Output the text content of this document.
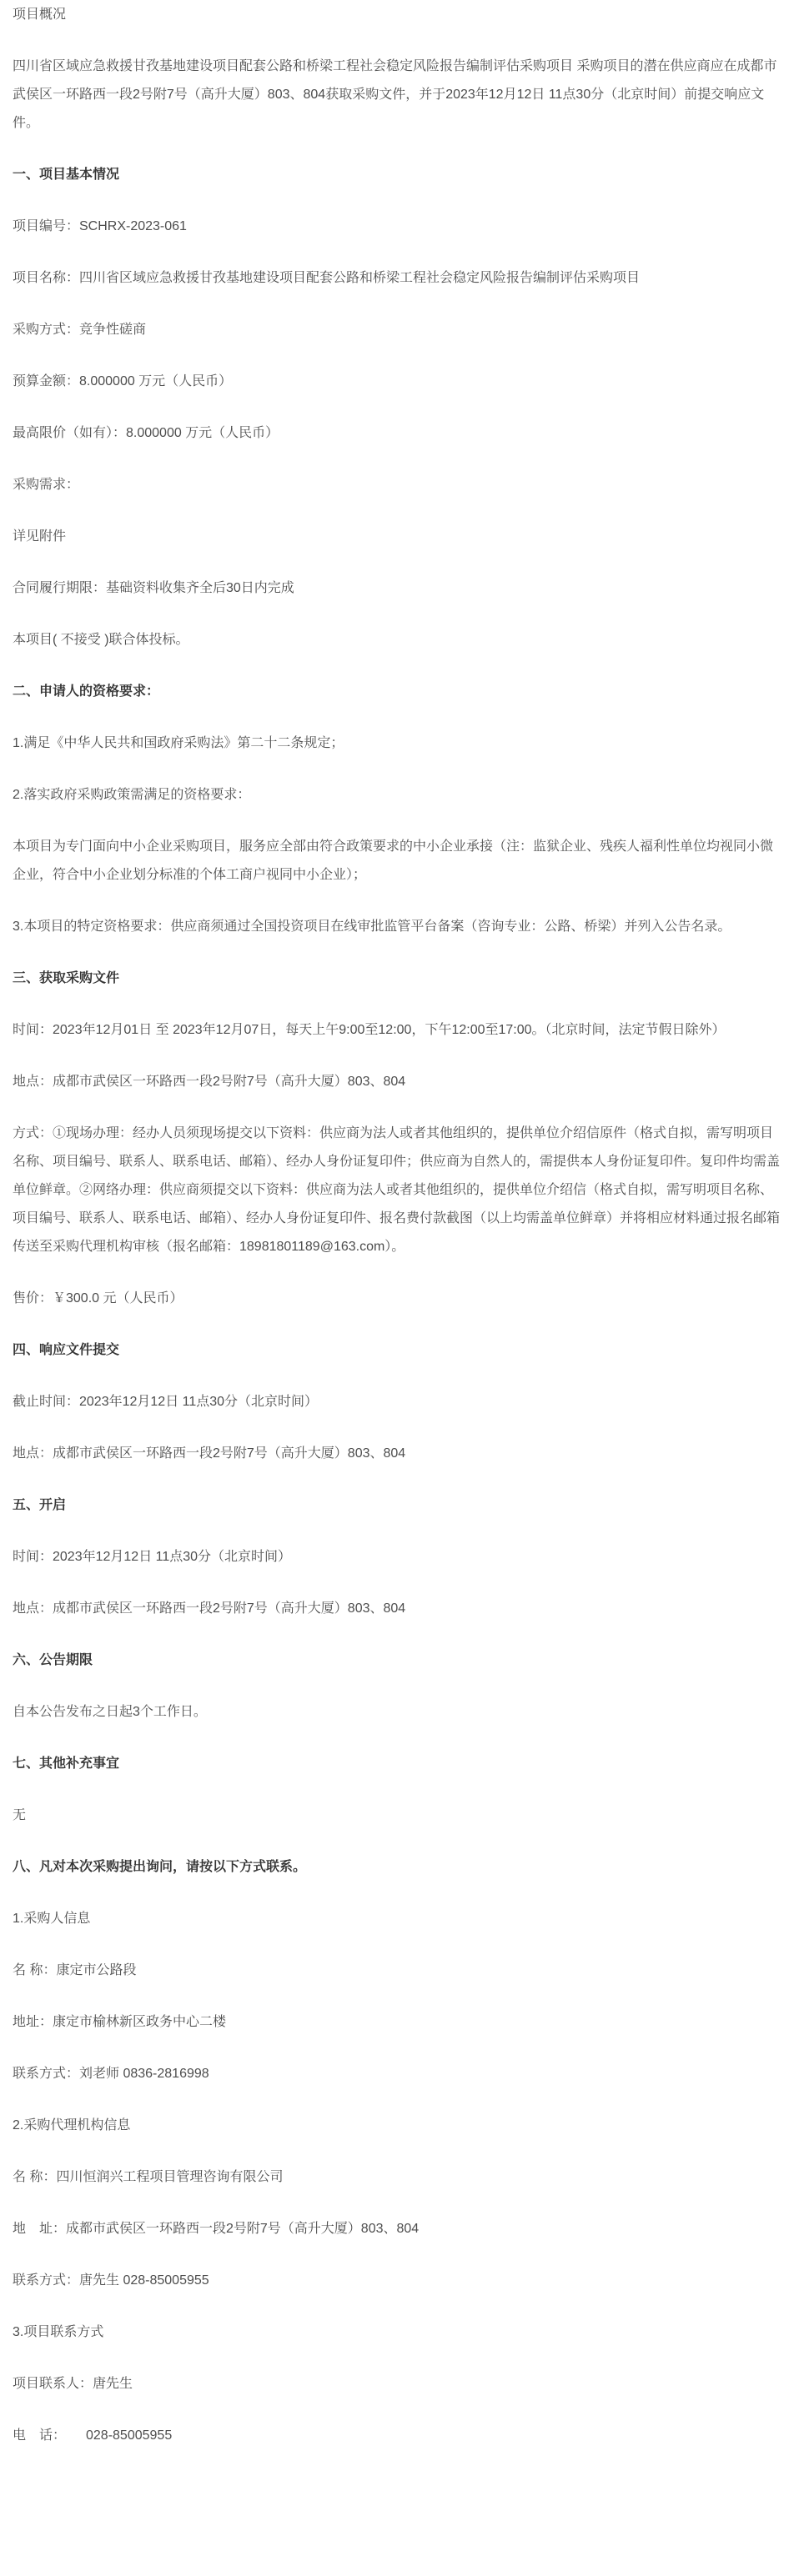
项目概况

四川省区域应急救援甘孜基地建设项目配套公路和桥梁工程社会稳定风险报告编制评估采购项目 采购项目的潜在供应商应在成都市武侯区一环路西一段2号附7号（高升大厦）803、804获取采购文件，并于2023年12月12日 11点30分（北京时间）前提交响应文件。

一、项目基本情况

项目编号：SCHRX-2023-061

项目名称：四川省区域应急救援甘孜基地建设项目配套公路和桥梁工程社会稳定风险报告编制评估采购项目

采购方式：竞争性磋商

预算金额：8.000000 万元（人民币）

最高限价（如有）：8.000000 万元（人民币）

采购需求：

详见附件

合同履行期限：基础资料收集齐全后30日内完成

本项目( 不接受 )联合体投标。

二、申请人的资格要求：

1.满足《中华人民共和国政府采购法》第二十二条规定；

2.落实政府采购政策需满足的资格要求：

本项目为专门面向中小企业采购项目，服务应全部由符合政策要求的中小企业承接（注：监狱企业、残疾人福利性单位均视同小微企业，符合中小企业划分标准的个体工商户视同中小企业）；

3.本项目的特定资格要求：供应商须通过全国投资项目在线审批监管平台备案（咨询专业：公路、桥梁）并列入公告名录。

三、获取采购文件

时间：2023年12月01日 至 2023年12月07日，每天上午9:00至12:00，下午12:00至17:00。（北京时间，法定节假日除外）

地点：成都市武侯区一环路西一段2号附7号（高升大厦）803、804

方式：①现场办理：经办人员须现场提交以下资料：供应商为法人或者其他组织的，提供单位介绍信原件（格式自拟，需写明项目名称、项目编号、联系人、联系电话、邮箱）、经办人身份证复印件；供应商为自然人的，需提供本人身份证复印件。复印件均需盖单位鲜章。②网络办理：供应商须提交以下资料：供应商为法人或者其他组织的，提供单位介绍信（格式自拟，需写明项目名称、项目编号、联系人、联系电话、邮箱）、经办人身份证复印件、报名费付款截图（以上均需盖单位鲜章）并将相应材料通过报名邮箱传送至采购代理机构审核（报名邮箱：18981801189@163.com）。

售价：￥300.0 元（人民币）

四、响应文件提交

截止时间：2023年12月12日 11点30分（北京时间）

地点：成都市武侯区一环路西一段2号附7号（高升大厦）803、804

五、开启

时间：2023年12月12日 11点30分（北京时间）

地点：成都市武侯区一环路西一段2号附7号（高升大厦）803、804

六、公告期限

自本公告发布之日起3个工作日。

七、其他补充事宜

无

八、凡对本次采购提出询问，请按以下方式联系。

1.采购人信息

名 称：康定市公路段

地址：康定市榆林新区政务中心二楼

联系方式：刘老师 0836-2816998

2.采购代理机构信息

名 称：四川恒润兴工程项目管理咨询有限公司

地　址：成都市武侯区一环路西一段2号附7号（高升大厦）803、804

联系方式：唐先生 028-85005955

3.项目联系方式

项目联系人：唐先生

电　话：　　028-85005955
